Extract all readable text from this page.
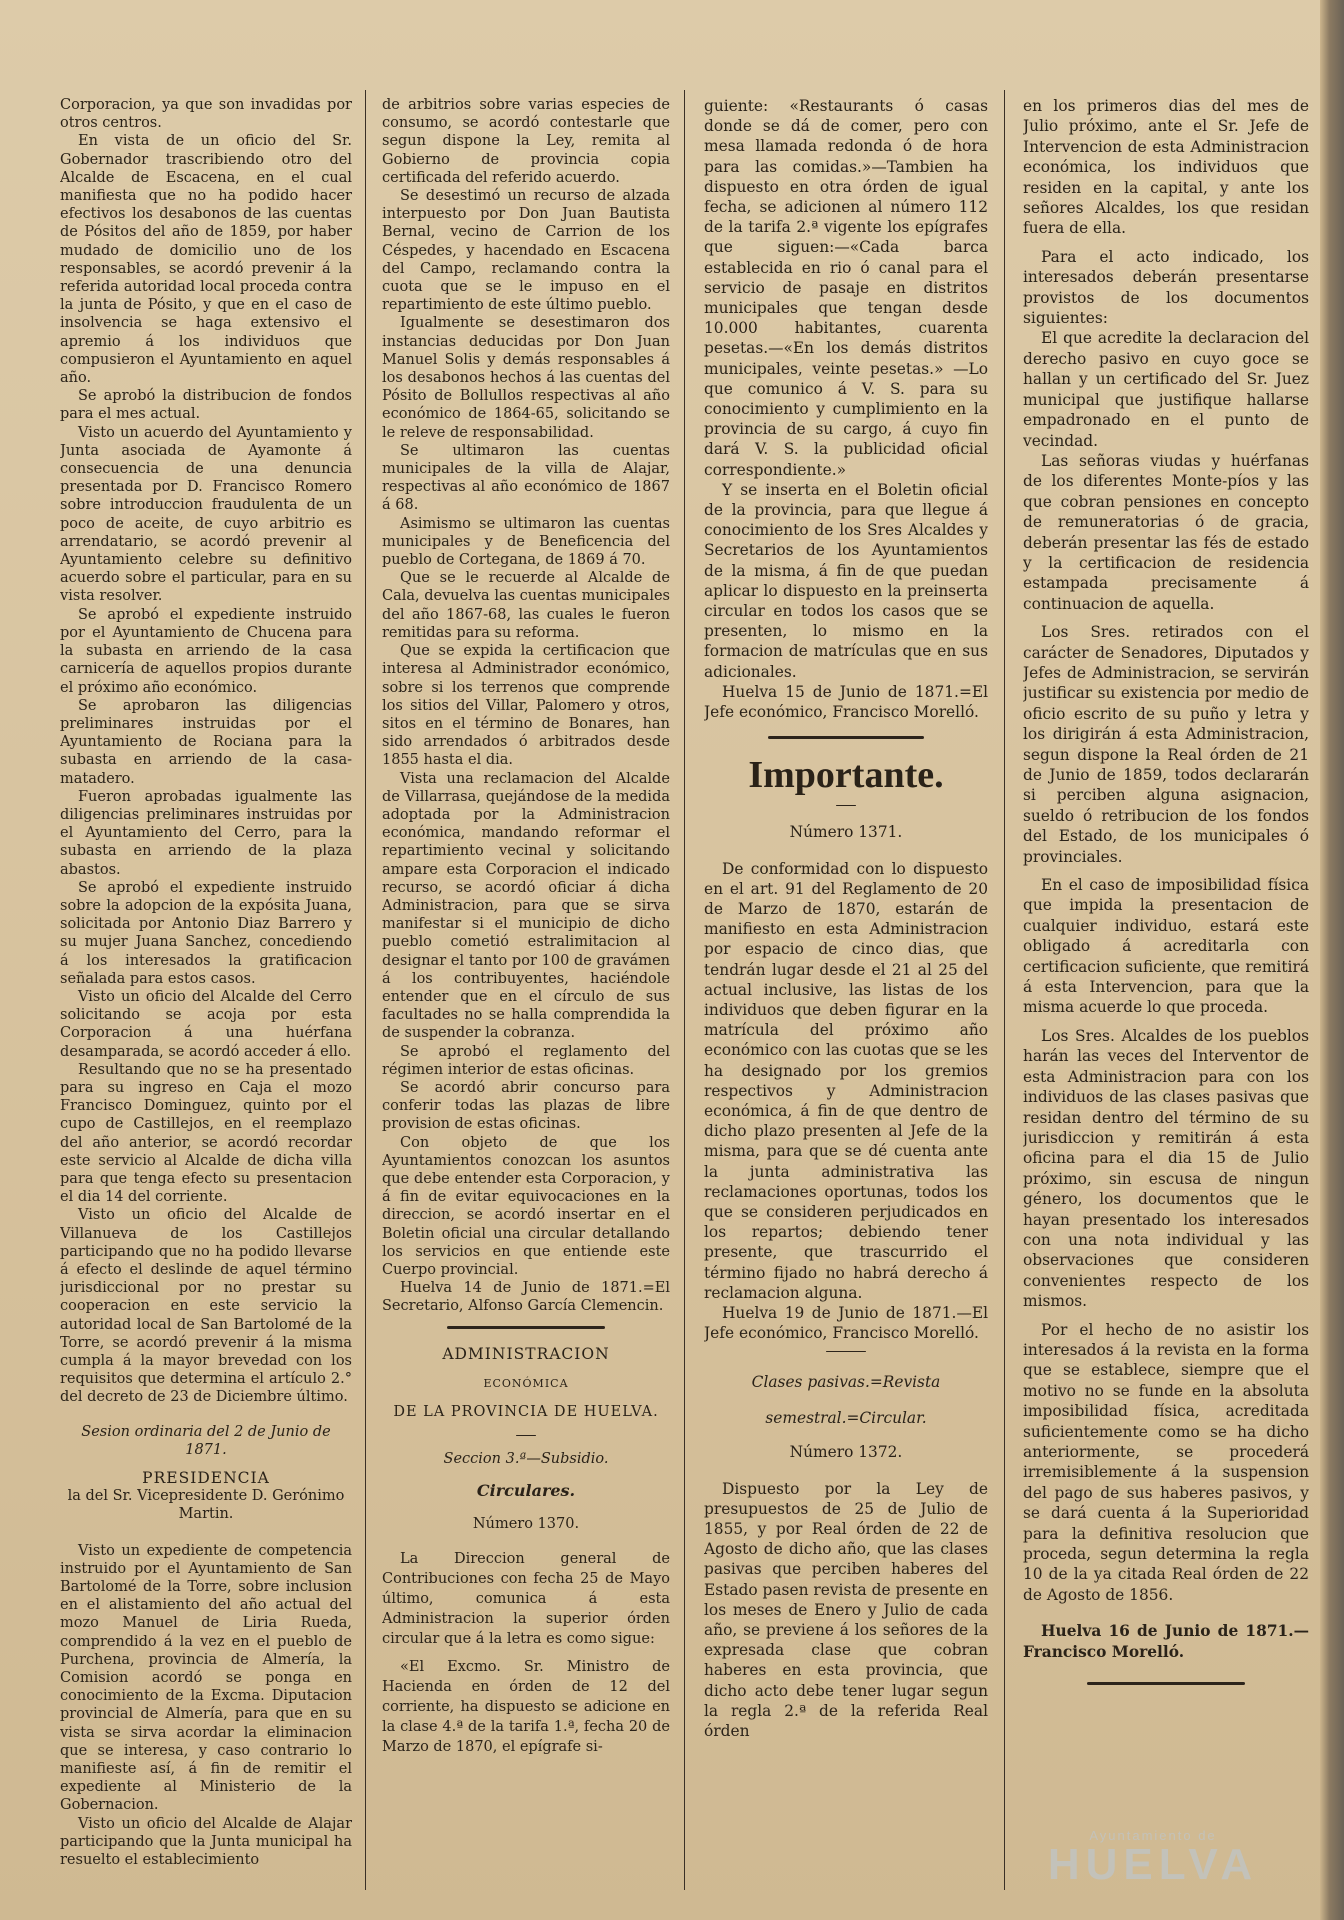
Corporacion, ya que son invadidas por otros centros.

En vista de un oficio del Sr. Gobernador trascribiendo otro del Alcalde de Escacena, en el cual manifiesta que no ha podido hacer efectivos los desabonos de las cuentas de Pósitos del año de 1859, por haber mudado de domicilio uno de los responsables, se acordó prevenir á la referida autoridad local proceda contra la junta de Pósito, y que en el caso de insolvencia se haga extensivo el apremio á los individuos que compusieron el Ayuntamiento en aquel año.

Se aprobó la distribucion de fondos para el mes actual.

Visto un acuerdo del Ayuntamiento y Junta asociada de Ayamonte á consecuencia de una denuncia presentada por D. Francisco Romero sobre introduccion fraudulenta de un poco de aceite, de cuyo arbitrio es arrendatario, se acordó prevenir al Ayuntamiento celebre su definitivo acuerdo sobre el particular, para en su vista resolver.

Se aprobó el expediente instruido por el Ayuntamiento de Chucena para la subasta en arriendo de la casa carnicería de aquellos propios durante el próximo año económico.

Se aprobaron las diligencias preliminares instruidas por el Ayuntamiento de Rociana para la subasta en arriendo de la casa-matadero.

Fueron aprobadas igualmente las diligencias preliminares instruidas por el Ayuntamiento del Cerro, para la subasta en arriendo de la plaza abastos.

Se aprobó el expediente instruido sobre la adopcion de la expósita Juana, solicitada por Antonio Diaz Barrero y su mujer Juana Sanchez, concediendo á los interesados la gratificacion señalada para estos casos.

Visto un oficio del Alcalde del Cerro solicitando se acoja por esta Corporacion á una huérfana desamparada, se acordó acceder á ello.

Resultando que no se ha presentado para su ingreso en Caja el mozo Francisco Dominguez, quinto por el cupo de Castillejos, en el reemplazo del año anterior, se acordó recordar este servicio al Alcalde de dicha villa para que tenga efecto su presentacion el dia 14 del corriente.

Visto un oficio del Alcalde de Villanueva de los Castillejos participando que no ha podido llevarse á efecto el deslinde de aquel término jurisdiccional por no prestar su cooperacion en este servicio la autoridad local de San Bartolomé de la Torre, se acordó prevenir á la misma cumpla á la mayor brevedad con los requisitos que determina el artículo 2.° del decreto de 23 de Diciembre último.

Sesion ordinaria del 2 de Junio de 1871.

PRESIDENCIA

la del Sr. Vicepresidente D. Gerónimo Martin.

Visto un expediente de competencia instruido por el Ayuntamiento de San Bartolomé de la Torre, sobre inclusion en el alistamiento del año actual del mozo Manuel de Liria Rueda, comprendido á la vez en el pueblo de Purchena, provincia de Almería, la Comision acordó se ponga en conocimiento de la Excma. Diputacion provincial de Almería, para que en su vista se sirva acordar la eliminacion que se interesa, y caso contrario lo manifieste así, á fin de remitir el expediente al Ministerio de la Gobernacion.

Visto un oficio del Alcalde de Alajar participando que la Junta municipal ha resuelto el establecimiento

de arbitrios sobre varias especies de consumo, se acordó contestarle que segun dispone la Ley, remita al Gobierno de provincia copia certificada del referido acuerdo.

Se desestimó un recurso de alzada interpuesto por Don Juan Bautista Bernal, vecino de Carrion de los Céspedes, y hacendado en Escacena del Campo, reclamando contra la cuota que se le impuso en el repartimiento de este último pueblo.

Igualmente se desestimaron dos instancias deducidas por Don Juan Manuel Solis y demás responsables á los desabonos hechos á las cuentas del Pósito de Bollullos respectivas al año económico de 1864-65, solicitando se le releve de responsabilidad.

Se ultimaron las cuentas municipales de la villa de Alajar, respectivas al año económico de 1867 á 68.

Asimismo se ultimaron las cuentas municipales y de Beneficencia del pueblo de Cortegana, de 1869 á 70.

Que se le recuerde al Alcalde de Cala, devuelva las cuentas municipales del año 1867-68, las cuales le fueron remitidas para su reforma.

Que se expida la certificacion que interesa al Administrador económico, sobre si los terrenos que comprende los sitios del Villar, Palomero y otros, sitos en el término de Bonares, han sido arrendados ó arbitrados desde 1855 hasta el dia.

Vista una reclamacion del Alcalde de Villarrasa, quejándose de la medida adoptada por la Administracion económica, mandando reformar el repartimiento vecinal y solicitando ampare esta Corporacion el indicado recurso, se acordó oficiar á dicha Administracion, para que se sirva manifestar si el municipio de dicho pueblo cometió estralimitacion al designar el tanto por 100 de gravámen á los contribuyentes, haciéndole entender que en el círculo de sus facultades no se halla comprendida la de suspender la cobranza.

Se aprobó el reglamento del régimen interior de estas oficinas.

Se acordó abrir concurso para conferir todas las plazas de libre provision de estas oficinas.

Con objeto de que los Ayuntamientos conozcan los asuntos que debe entender esta Corporacion, y á fin de evitar equivocaciones en la direccion, se acordó insertar en el Boletin oficial una circular detallando los servicios en que entiende este Cuerpo provincial.

Huelva 14 de Junio de 1871.=El Secretario, Alfonso García Clemencin.

ADMINISTRACION

ECONÓMICA

DE LA PROVINCIA DE HUELVA.

Seccion 3.ª—Subsidio.

Circulares.

Número 1370.

La Direccion general de Contribuciones con fecha 25 de Mayo último, comunica á esta Administracion la superior órden circular que á la letra es como sigue:

«El Excmo. Sr. Ministro de Hacienda en órden de 12 del corriente, ha dispuesto se adicione en la clase 4.ª de la tarifa 1.ª, fecha 20 de Marzo de 1870, el epígrafe si-

guiente: «Restaurants ó casas donde se dá de comer, pero con mesa llamada redonda ó de hora para las comidas.»—Tambien ha dispuesto en otra órden de igual fecha, se adicionen al número 112 de la tarifa 2.ª vigente los epígrafes que siguen:—«Cada barca establecida en rio ó canal para el servicio de pasaje en distritos municipales que tengan desde 10.000 habitantes, cuarenta pesetas.—«En los demás distritos municipales, veinte pesetas.» —Lo que comunico á V. S. para su conocimiento y cumplimiento en la provincia de su cargo, á cuyo fin dará V. S. la publicidad oficial correspondiente.»

Y se inserta en el Boletin oficial de la provincia, para que llegue á conocimiento de los Sres Alcaldes y Secretarios de los Ayuntamientos de la misma, á fin de que puedan aplicar lo dispuesto en la preinserta circular en todos los casos que se presenten, lo mismo en la formacion de matrículas que en sus adicionales.

Huelva 15 de Junio de 1871.=El Jefe económico, Francisco Morelló.

Importante.

Número 1371.

De conformidad con lo dispuesto en el art. 91 del Reglamento de 20 de Marzo de 1870, estarán de manifiesto en esta Administracion por espacio de cinco dias, que tendrán lugar desde el 21 al 25 del actual inclusive, las listas de los individuos que deben figurar en la matrícula del próximo año económico con las cuotas que se les ha designado por los gremios respectivos y Administracion económica, á fin de que dentro de dicho plazo presenten al Jefe de la misma, para que se dé cuenta ante la junta administrativa las reclamaciones oportunas, todos los que se consideren perjudicados en los repartos; debiendo tener presente, que trascurrido el término fijado no habrá derecho á reclamacion alguna.

Huelva 19 de Junio de 1871.—El Jefe económico, Francisco Morelló.

Clases pasivas.=Revista semestral.=Circular.

Número 1372.

Dispuesto por la Ley de presupuestos de 25 de Julio de 1855, y por Real órden de 22 de Agosto de dicho año, que las clases pasivas que perciben haberes del Estado pasen revista de presente en los meses de Enero y Julio de cada año, se previene á los señores de la expresada clase que cobran haberes en esta provincia, que dicho acto debe tener lugar segun la regla 2.ª de la referida Real órden

en los primeros dias del mes de Julio próximo, ante el Sr. Jefe de Intervencion de esta Administracion económica, los individuos que residen en la capital, y ante los señores Alcaldes, los que residan fuera de ella.

Para el acto indicado, los interesados deberán presentarse provistos de los documentos siguientes:

El que acredite la declaracion del derecho pasivo en cuyo goce se hallan y un certificado del Sr. Juez municipal que justifique hallarse empadronado en el punto de vecindad.

Las señoras viudas y huérfanas de los diferentes Monte-píos y las que cobran pensiones en concepto de remuneratorias ó de gracia, deberán presentar las fés de estado y la certificacion de residencia estampada precisamente á continuacion de aquella.

Los Sres. retirados con el carácter de Senadores, Diputados y Jefes de Administracion, se servirán justificar su existencia por medio de oficio escrito de su puño y letra y los dirigirán á esta Administracion, segun dispone la Real órden de 21 de Junio de 1859, todos declararán si perciben alguna asignacion, sueldo ó retribucion de los fondos del Estado, de los municipales ó provinciales.

En el caso de imposibilidad física que impida la presentacion de cualquier individuo, estará este obligado á acreditarla con certificacion suficiente, que remitirá á esta Intervencion, para que la misma acuerde lo que proceda.

Los Sres. Alcaldes de los pueblos harán las veces del Interventor de esta Administracion para con los individuos de las clases pasivas que residan dentro del término de su jurisdiccion y remitirán á esta oficina para el dia 15 de Julio próximo, sin escusa de ningun género, los documentos que le hayan presentado los interesados con una nota individual y las observaciones que consideren convenientes respecto de los mismos.

Por el hecho de no asistir los interesados á la revista en la forma que se establece, siempre que el motivo no se funde en la absoluta imposibilidad física, acreditada suficientemente como se ha dicho anteriormente, se procederá irremisiblemente á la suspension del pago de sus haberes pasivos, y se dará cuenta á la Superioridad para la definitiva resolucion que proceda, segun determina la regla 10 de la ya citada Real órden de 22 de Agosto de 1856.

Huelva 16 de Junio de 1871.—Francisco Morelló.

Ayuntamiento de
HUELVA
